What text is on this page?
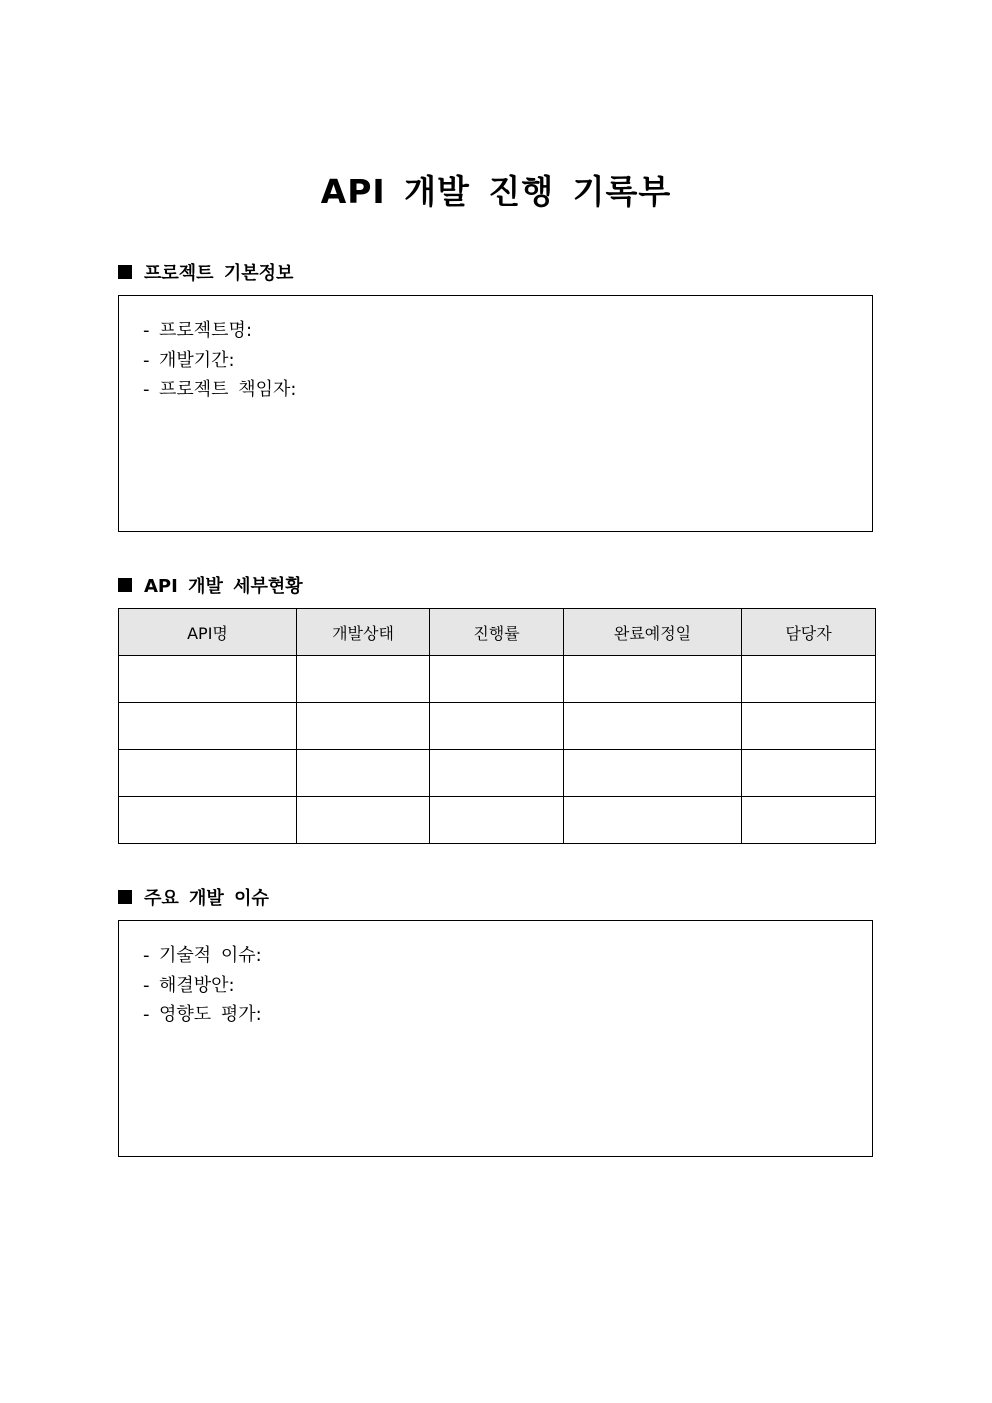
API 개발 진행 기록부
프로젝트 기본정보
- 프로젝트명:
- 개발기간:
- 프로젝트 책임자:
API 개발 세부현황
API명	개발상태	진행률	완료예정일	담당자

주요 개발 이슈
- 기술적 이슈:
- 해결방안:
- 영향도 평가:
